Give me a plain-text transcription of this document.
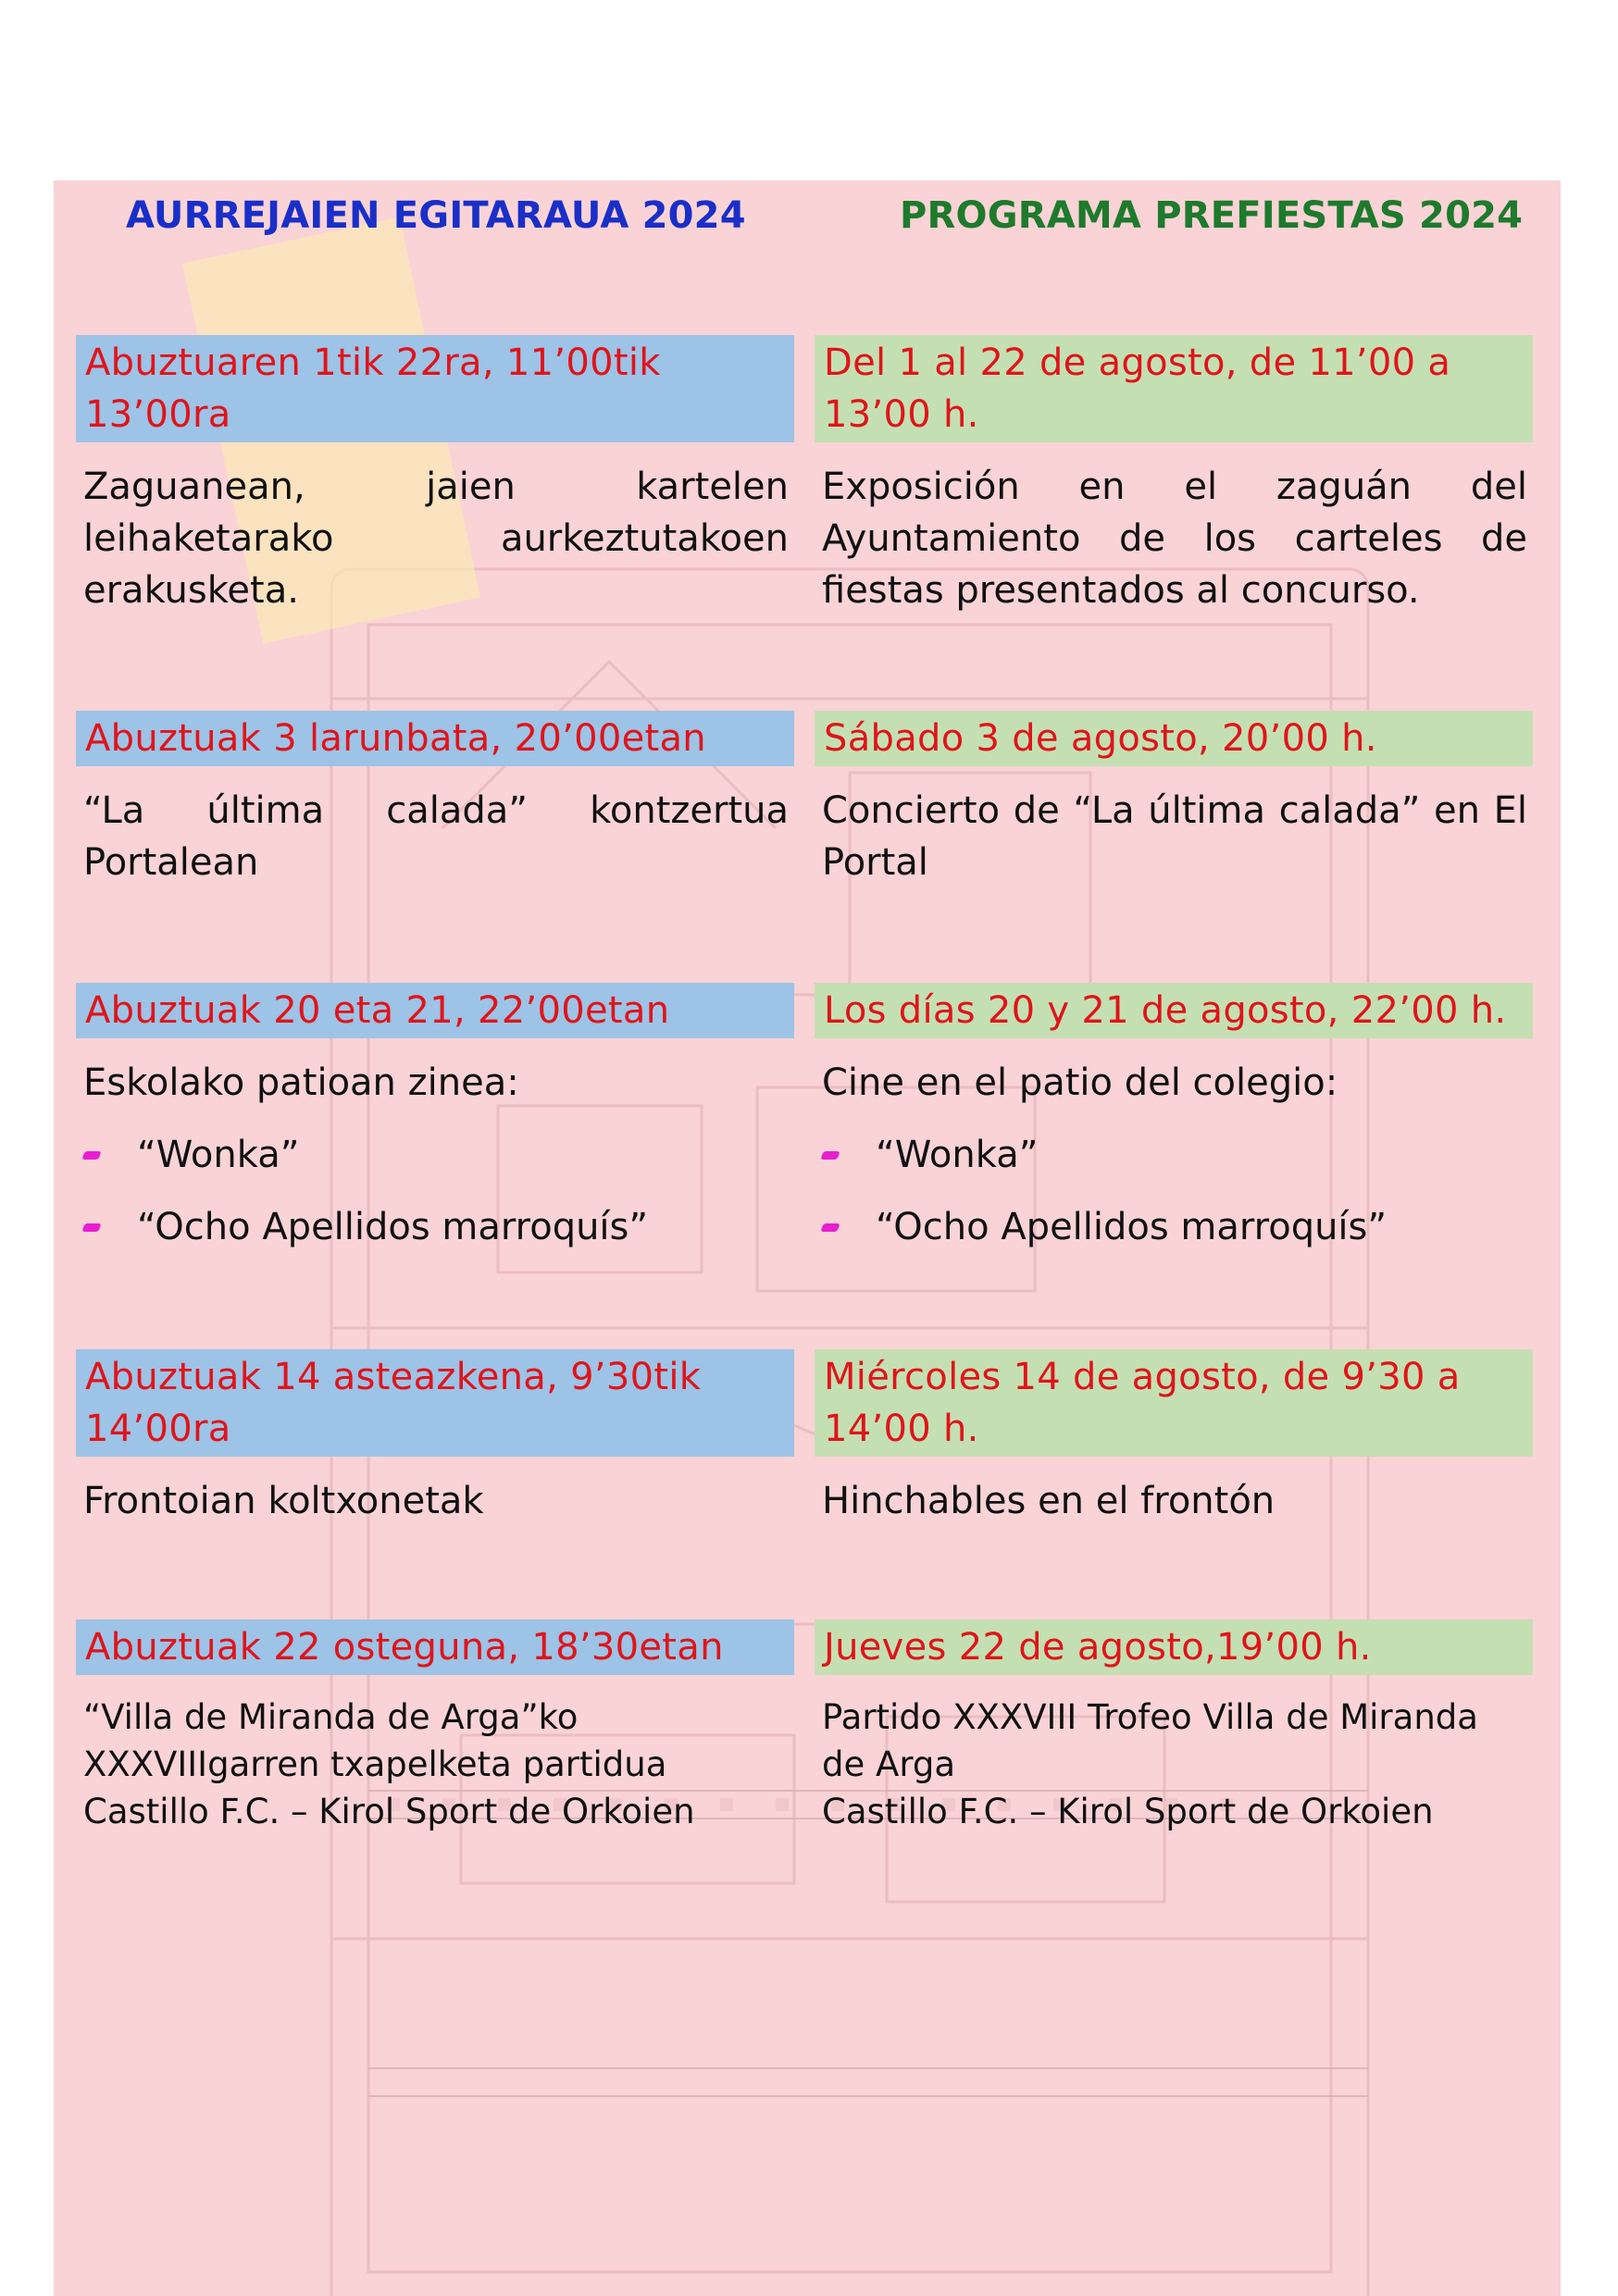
AURREJAIEN EGITARAUA 2024	PROGRAMA PREFIESTAS 2024
Abuztuaren 1tik 22ra, 11’00tik 13’00ra
Zaguanean, jaien kartelen leihaketarako aurkeztutakoen erakusketa.
Del 1 al 22 de agosto, de 11’00 a 13’00 h.
Exposición en el zaguán del Ayuntamiento de los carteles de fiestas presentados al concurso.
Abuztuak 3 larunbata, 20’00etan
“La última calada” kontzertua Portalean
Sábado 3 de agosto, 20’00 h.
Concierto de “La última calada” en El Portal
Abuztuak 20 eta 21, 22’00etan
Eskolako patioan zinea:
“Wonka”
“Ocho Apellidos marroquís”
Los días 20 y 21 de agosto, 22’00 h.
Cine en el patio del colegio:
“Wonka”
“Ocho Apellidos marroquís”
Abuztuak 14 asteazkena, 9’30tik 14’00ra
Frontoian koltxonetak
Miércoles 14 de agosto, de 9’30 a 14’00 h.
Hinchables en el frontón
Abuztuak 22 osteguna, 18’30etan
“Villa de Miranda de Arga”ko
XXXVIIIgarren txapelketa partidua
Castillo F.C. – Kirol Sport de Orkoien
Jueves 22 de agosto,19’00 h.
Partido XXXVIII Trofeo Villa de Miranda
de Arga
Castillo F.C. – Kirol Sport de Orkoien
